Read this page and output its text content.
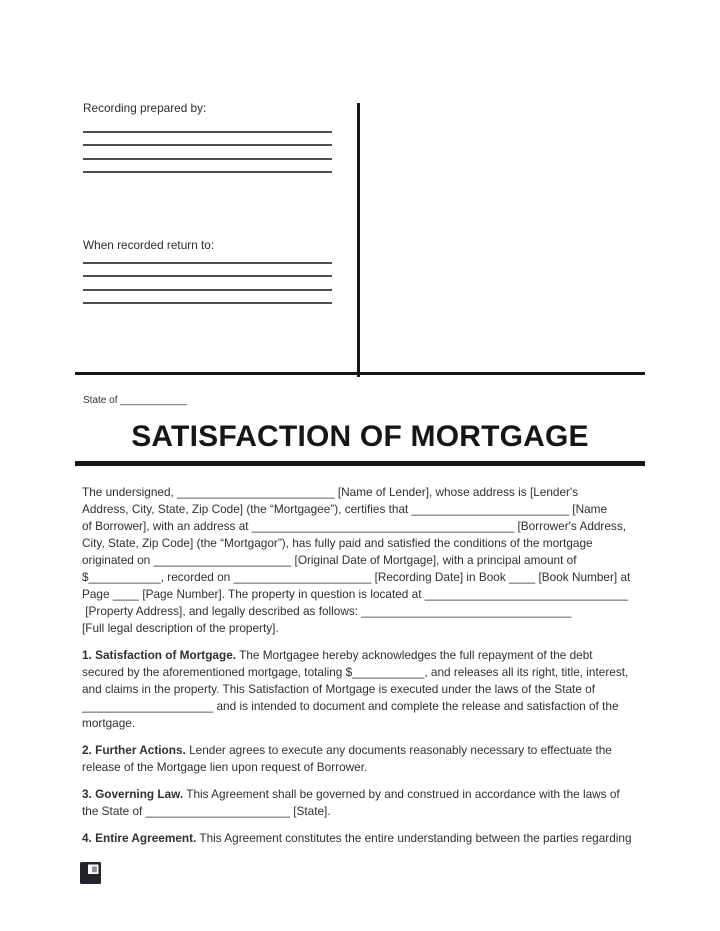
Recording prepared by:
When recorded return to:
State of ____________
SATISFACTION OF MORTGAGE
The undersigned, ________________________ [Name of Lender], whose address is [Lender's
Address, City, State, Zip Code] (the “Mortgagee”), certifies that ________________________ [Name
of Borrower], with an address at ________________________________________ [Borrower's Address,
City, State, Zip Code] (the “Mortgagor”), has fully paid and satisfied the conditions of the mortgage
originated on _____________________ [Original Date of Mortgage], with a principal amount of
$___________, recorded on _____________________ [Recording Date] in Book ____ [Book Number] at
Page ____ [Page Number]. The property in question is located at _______________________________
[Property Address], and legally described as follows: ________________________________
[Full legal description of the property].
1. Satisfaction of Mortgage. The Mortgagee hereby acknowledges the full repayment of the debt
secured by the aforementioned mortgage, totaling $___________, and releases all its right, title, interest,
and claims in the property. This Satisfaction of Mortgage is executed under the laws of the State of
____________________ and is intended to document and complete the release and satisfaction of the
mortgage.
2. Further Actions. Lender agrees to execute any documents reasonably necessary to effectuate the
release of the Mortgage lien upon request of Borrower.
3. Governing Law. This Agreement shall be governed by and construed in accordance with the laws of
the State of ______________________ [State].
4. Entire Agreement. This Agreement constitutes the entire understanding between the parties regarding
